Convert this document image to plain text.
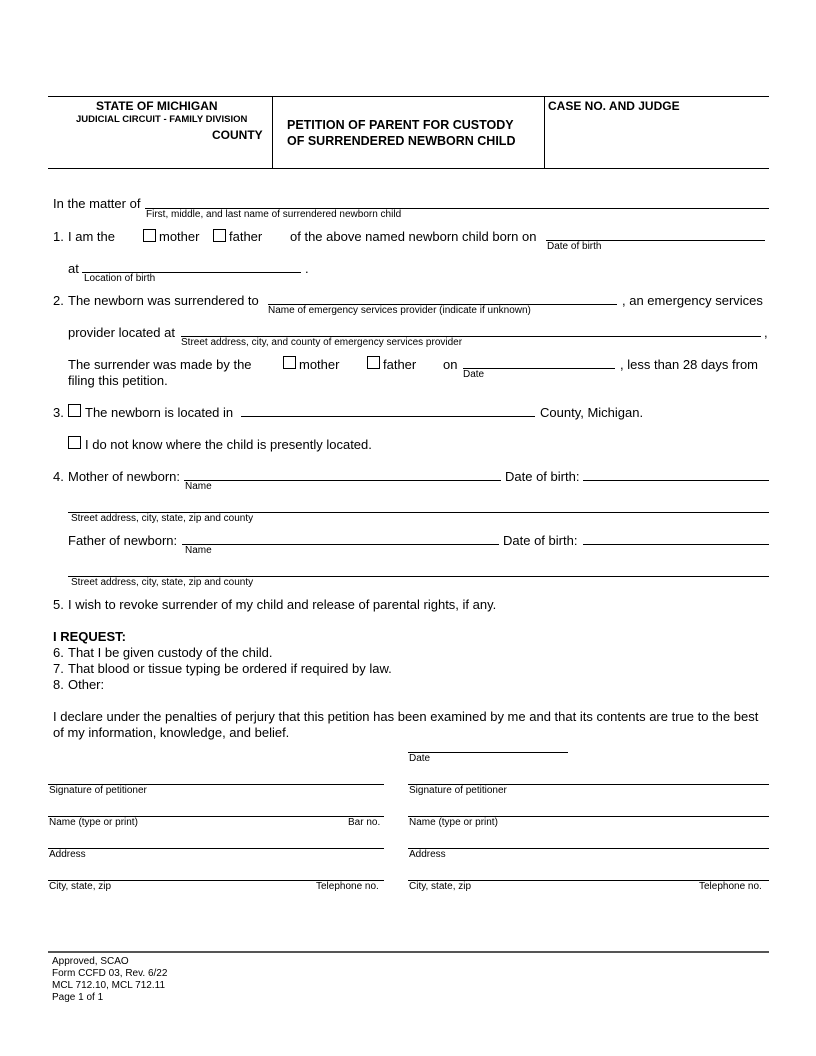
STATE OF MICHIGAN
JUDICIAL CIRCUIT - FAMILY DIVISION
COUNTY
PETITION OF PARENT FOR CUSTODY
OF SURRENDERED NEWBORN CHILD
CASE NO. AND JUDGE
In the matter of
First, middle, and last name of surrendered newborn child
1. I am the	mother father of the above named newborn child born on
Date of birth
at
Location of birth
.
2. The newborn was surrendered to
Name of emergency services provider (indicate if unknown)
, an emergency services
provider located at
Street address, city, and county of emergency services provider
,
The surrender was made by the	mother	father on
Date
, less than 28 days from
filing this petition.
3. The newborn is located in	County, Michigan.
I do not know where the child is presently located.
4. Mother of newborn:
Name
Date of birth:
Street address, city, state, zip and county
Father of newborn:
Name
Date of birth:
Street address, city, state, zip and county
5. I wish to revoke surrender of my child and release of parental rights, if any.
I REQUEST:
6. That I be given custody of the child.
7. That blood or tissue typing be ordered if required by law.
8. Other:
I declare under the penalties of perjury that this petition has been examined by me and that its contents are true to the best
of my information, knowledge, and belief.
Date
Signature of petitioner	Signature of petitioner
Name (type or print)	Bar no.	Name (type or print)
Address	Address
City, state, zip	Telephone no.	City, state, zip	Telephone no.
Approved, SCAO
Form CCFD 03, Rev. 6/22
MCL 712.10, MCL 712.11
Page 1 of 1
